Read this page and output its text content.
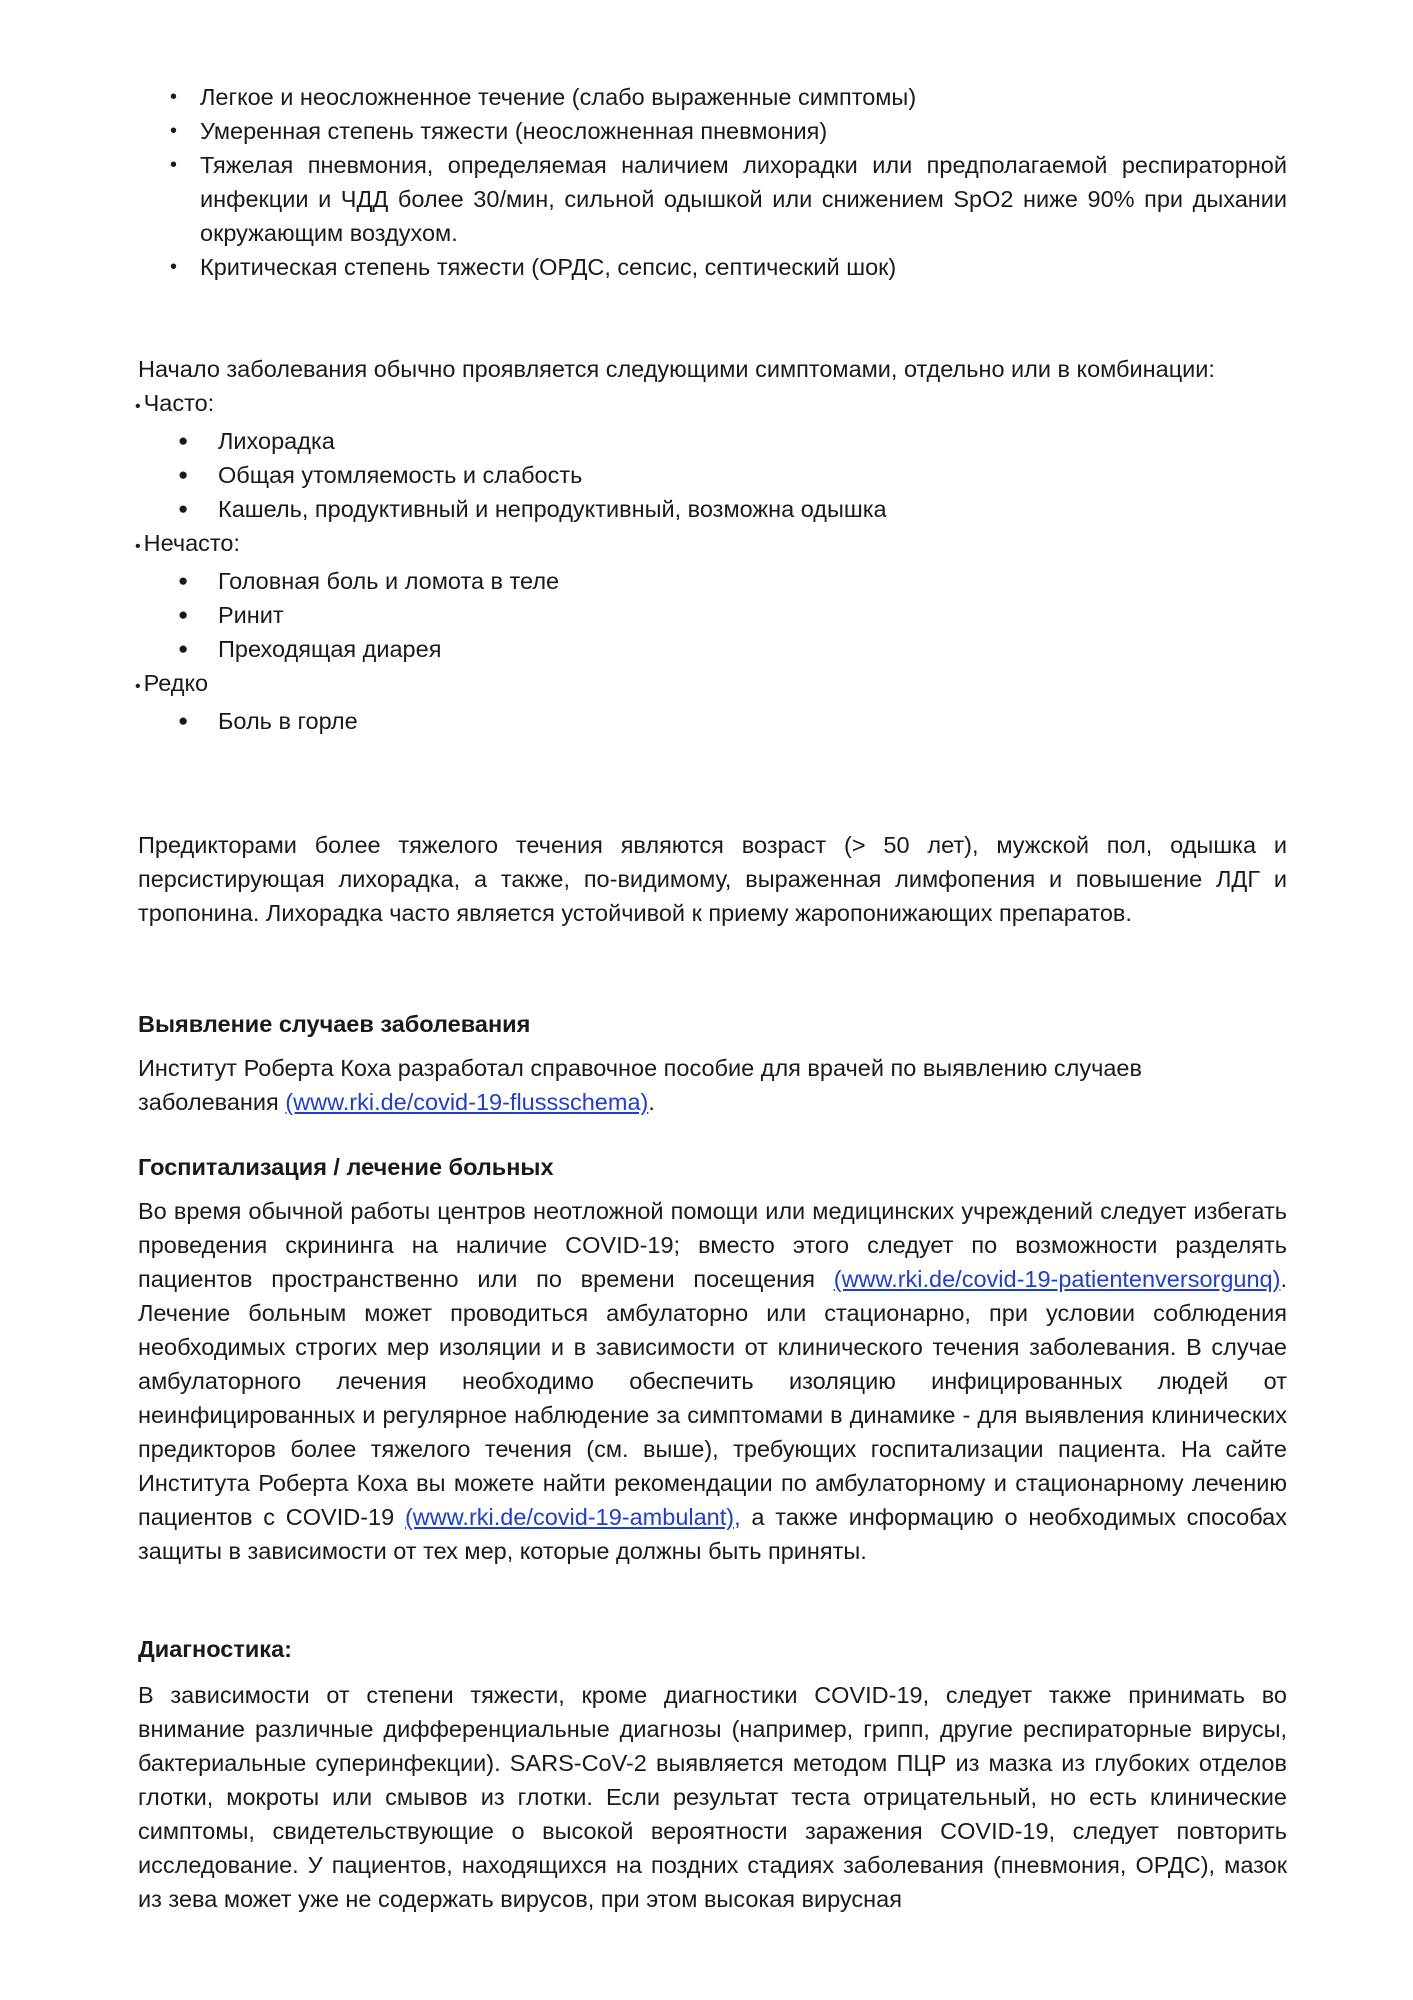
• Легкое и неосложненное течение (слабо выраженные симптомы)
• Умеренная степень тяжести (неосложненная пневмония)
• Тяжелая пневмония, определяемая наличием лихорадки или предполагаемой респираторной инфекции и ЧДД более 30/мин, сильной одышкой или снижением SpO2 ниже 90% при дыхании окружающим воздухом.
• Критическая степень тяжести (ОРДС, сепсис, септический шок)

Начало заболевания обычно проявляется следующими симптомами, отдельно или в комбинации:

• Часто:
● Лихорадка
● Общая утомляемость и слабость
● Кашель, продуктивный и непродуктивный, возможна одышка
• Нечасто:
● Головная боль и ломота в теле
● Ринит
● Преходящая диарея
• Редко
● Боль в горле

Предикторами более тяжелого течения являются возраст (> 50 лет), мужской пол, одышка и персистирующая лихорадка, а также, по-видимому, выраженная лимфопения и повышение ЛДГ и тропонина. Лихорадка часто является устойчивой к приему жаропонижающих препаратов.

Выявление случаев заболевания

Институт Роберта Коха разработал справочное пособие для врачей по выявлению случаев заболевания (www.rki.de/covid-19-flussschema).

Госпитализация / лечение больных

Во время обычной работы центров неотложной помощи или медицинских учреждений следует избегать проведения скрининга на наличие COVID-19; вместо этого следует по возможности разделять пациентов пространственно или по времени посещения (www.rki.de/covid-19-patientenversorgunq). Лечение больным может проводиться амбулаторно или стационарно, при условии соблюдения необходимых строгих мер изоляции и в зависимости от клинического течения заболевания. В случае амбулаторного лечения необходимо обеспечить изоляцию инфицированных людей от неинфицированных и регулярное наблюдение за симптомами в динамике - для выявления клинических предикторов более тяжелого течения (см. выше), требующих госпитализации пациента. На сайте Института Роберта Коха вы можете найти рекомендации по амбулаторному и стационарному лечению пациентов с COVID-19 (www.rki.de/covid-19-ambulant), а также информацию о необходимых способах защиты в зависимости от тех мер, которые должны быть приняты.

Диагностика:

В зависимости от степени тяжести, кроме диагностики COVID-19, следует также принимать во внимание различные дифференциальные диагнозы (например, грипп, другие респираторные вирусы, бактериальные суперинфекции). SARS-CoV-2 выявляется методом ПЦР из мазка из глубоких отделов глотки, мокроты или смывов из глотки. Если результат теста отрицательный, но есть клинические симптомы, свидетельствующие о высокой вероятности заражения COVID-19, следует повторить исследование. У пациентов, находящихся на поздних стадиях заболевания (пневмония, ОРДС), мазок из зева может уже не содержать вирусов, при этом высокая вирусная
